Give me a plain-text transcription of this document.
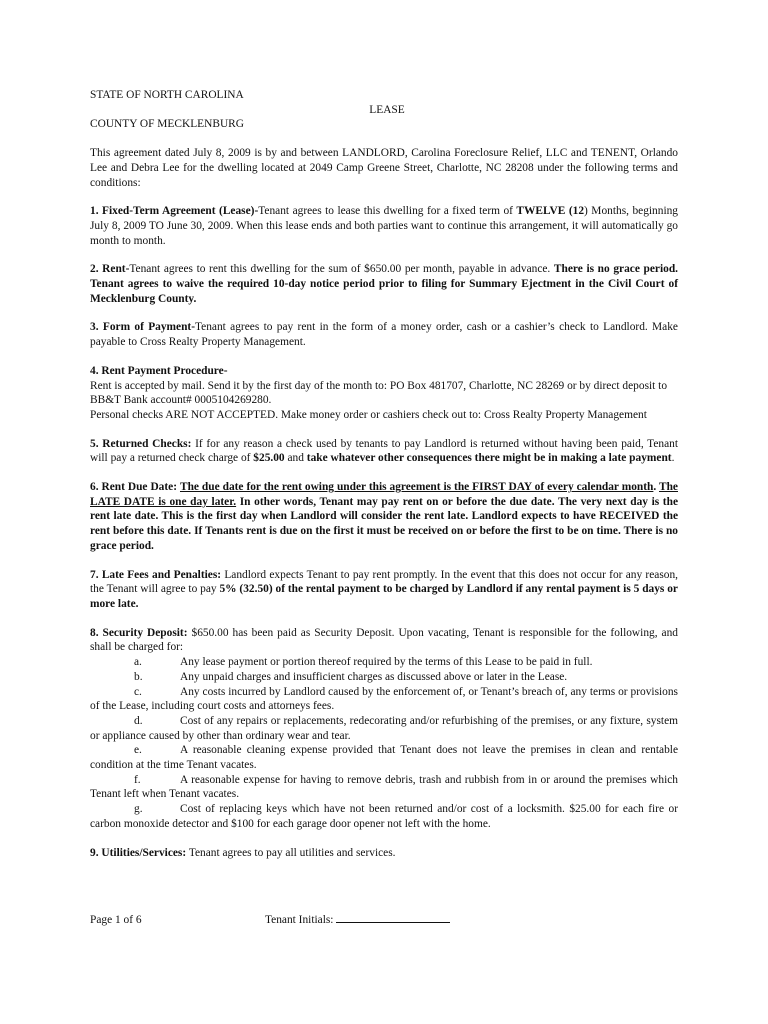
STATE OF NORTH CAROLINA

LEASE

COUNTY OF MECKLENBURG

This agreement dated July 8, 2009 is by and between LANDLORD, Carolina Foreclosure Relief, LLC and TENENT, Orlando Lee and Debra Lee for the dwelling located at 2049 Camp Greene Street, Charlotte, NC 28208 under the following terms and conditions:

1. Fixed-Term Agreement (Lease)-Tenant agrees to lease this dwelling for a fixed term of TWELVE (12) Months, beginning July 8, 2009 TO June 30, 2009. When this lease ends and both parties want to continue this arrangement, it will automatically go month to month.

2. Rent-Tenant agrees to rent this dwelling for the sum of $650.00 per month, payable in advance. There is no grace period. Tenant agrees to waive the required 10-day notice period prior to filing for Summary Ejectment in the Civil Court of Mecklenburg County.

3. Form of Payment-Tenant agrees to pay rent in the form of a money order, cash or a cashier’s check to Landlord. Make payable to Cross Realty Property Management.

4. Rent Payment Procedure-
Rent is accepted by mail. Send it by the first day of the month to: PO Box 481707, Charlotte, NC 28269 or by direct deposit to BB&T Bank account# 0005104269280.
Personal checks ARE NOT ACCEPTED. Make money order or cashiers check out to: Cross Realty Property Management

5. Returned Checks: If for any reason a check used by tenants to pay Landlord is returned without having been paid, Tenant will pay a returned check charge of $25.00 and take whatever other consequences there might be in making a late payment.

6. Rent Due Date: The due date for the rent owing under this agreement is the FIRST DAY of every calendar month. The LATE DATE is one day later. In other words, Tenant may pay rent on or before the due date. The very next day is the rent late date. This is the first day when Landlord will consider the rent late. Landlord expects to have RECEIVED the rent before this date. If Tenants rent is due on the first it must be received on or before the first to be on time. There is no grace period.

7. Late Fees and Penalties: Landlord expects Tenant to pay rent promptly. In the event that this does not occur for any reason, the Tenant will agree to pay 5% (32.50) of the rental payment to be charged by Landlord if any rental payment is 5 days or more late.

8. Security Deposit: $650.00 has been paid as Security Deposit. Upon vacating, Tenant is responsible for the following, and shall be charged for:
a.	Any lease payment or portion thereof required by the terms of this Lease to be paid in full.
b.	Any unpaid charges and insufficient charges as discussed above or later in the Lease.
c.	Any costs incurred by Landlord caused by the enforcement of, or Tenant’s breach of, any terms or provisions of the Lease, including court costs and attorneys fees.
d.	Cost of any repairs or replacements, redecorating and/or refurbishing of the premises, or any fixture, system or appliance caused by other than ordinary wear and tear.
e.	A reasonable cleaning expense provided that Tenant does not leave the premises in clean and rentable condition at the time Tenant vacates.
f.	A reasonable expense for having to remove debris, trash and rubbish from in or around the premises which Tenant left when Tenant vacates.
g.	Cost of replacing keys which have not been returned and/or cost of a locksmith. $25.00 for each fire or carbon monoxide detector and $100 for each garage door opener not left with the home.

9. Utilities/Services: Tenant agrees to pay all utilities and services.

Page 1 of 6	Tenant Initials:
